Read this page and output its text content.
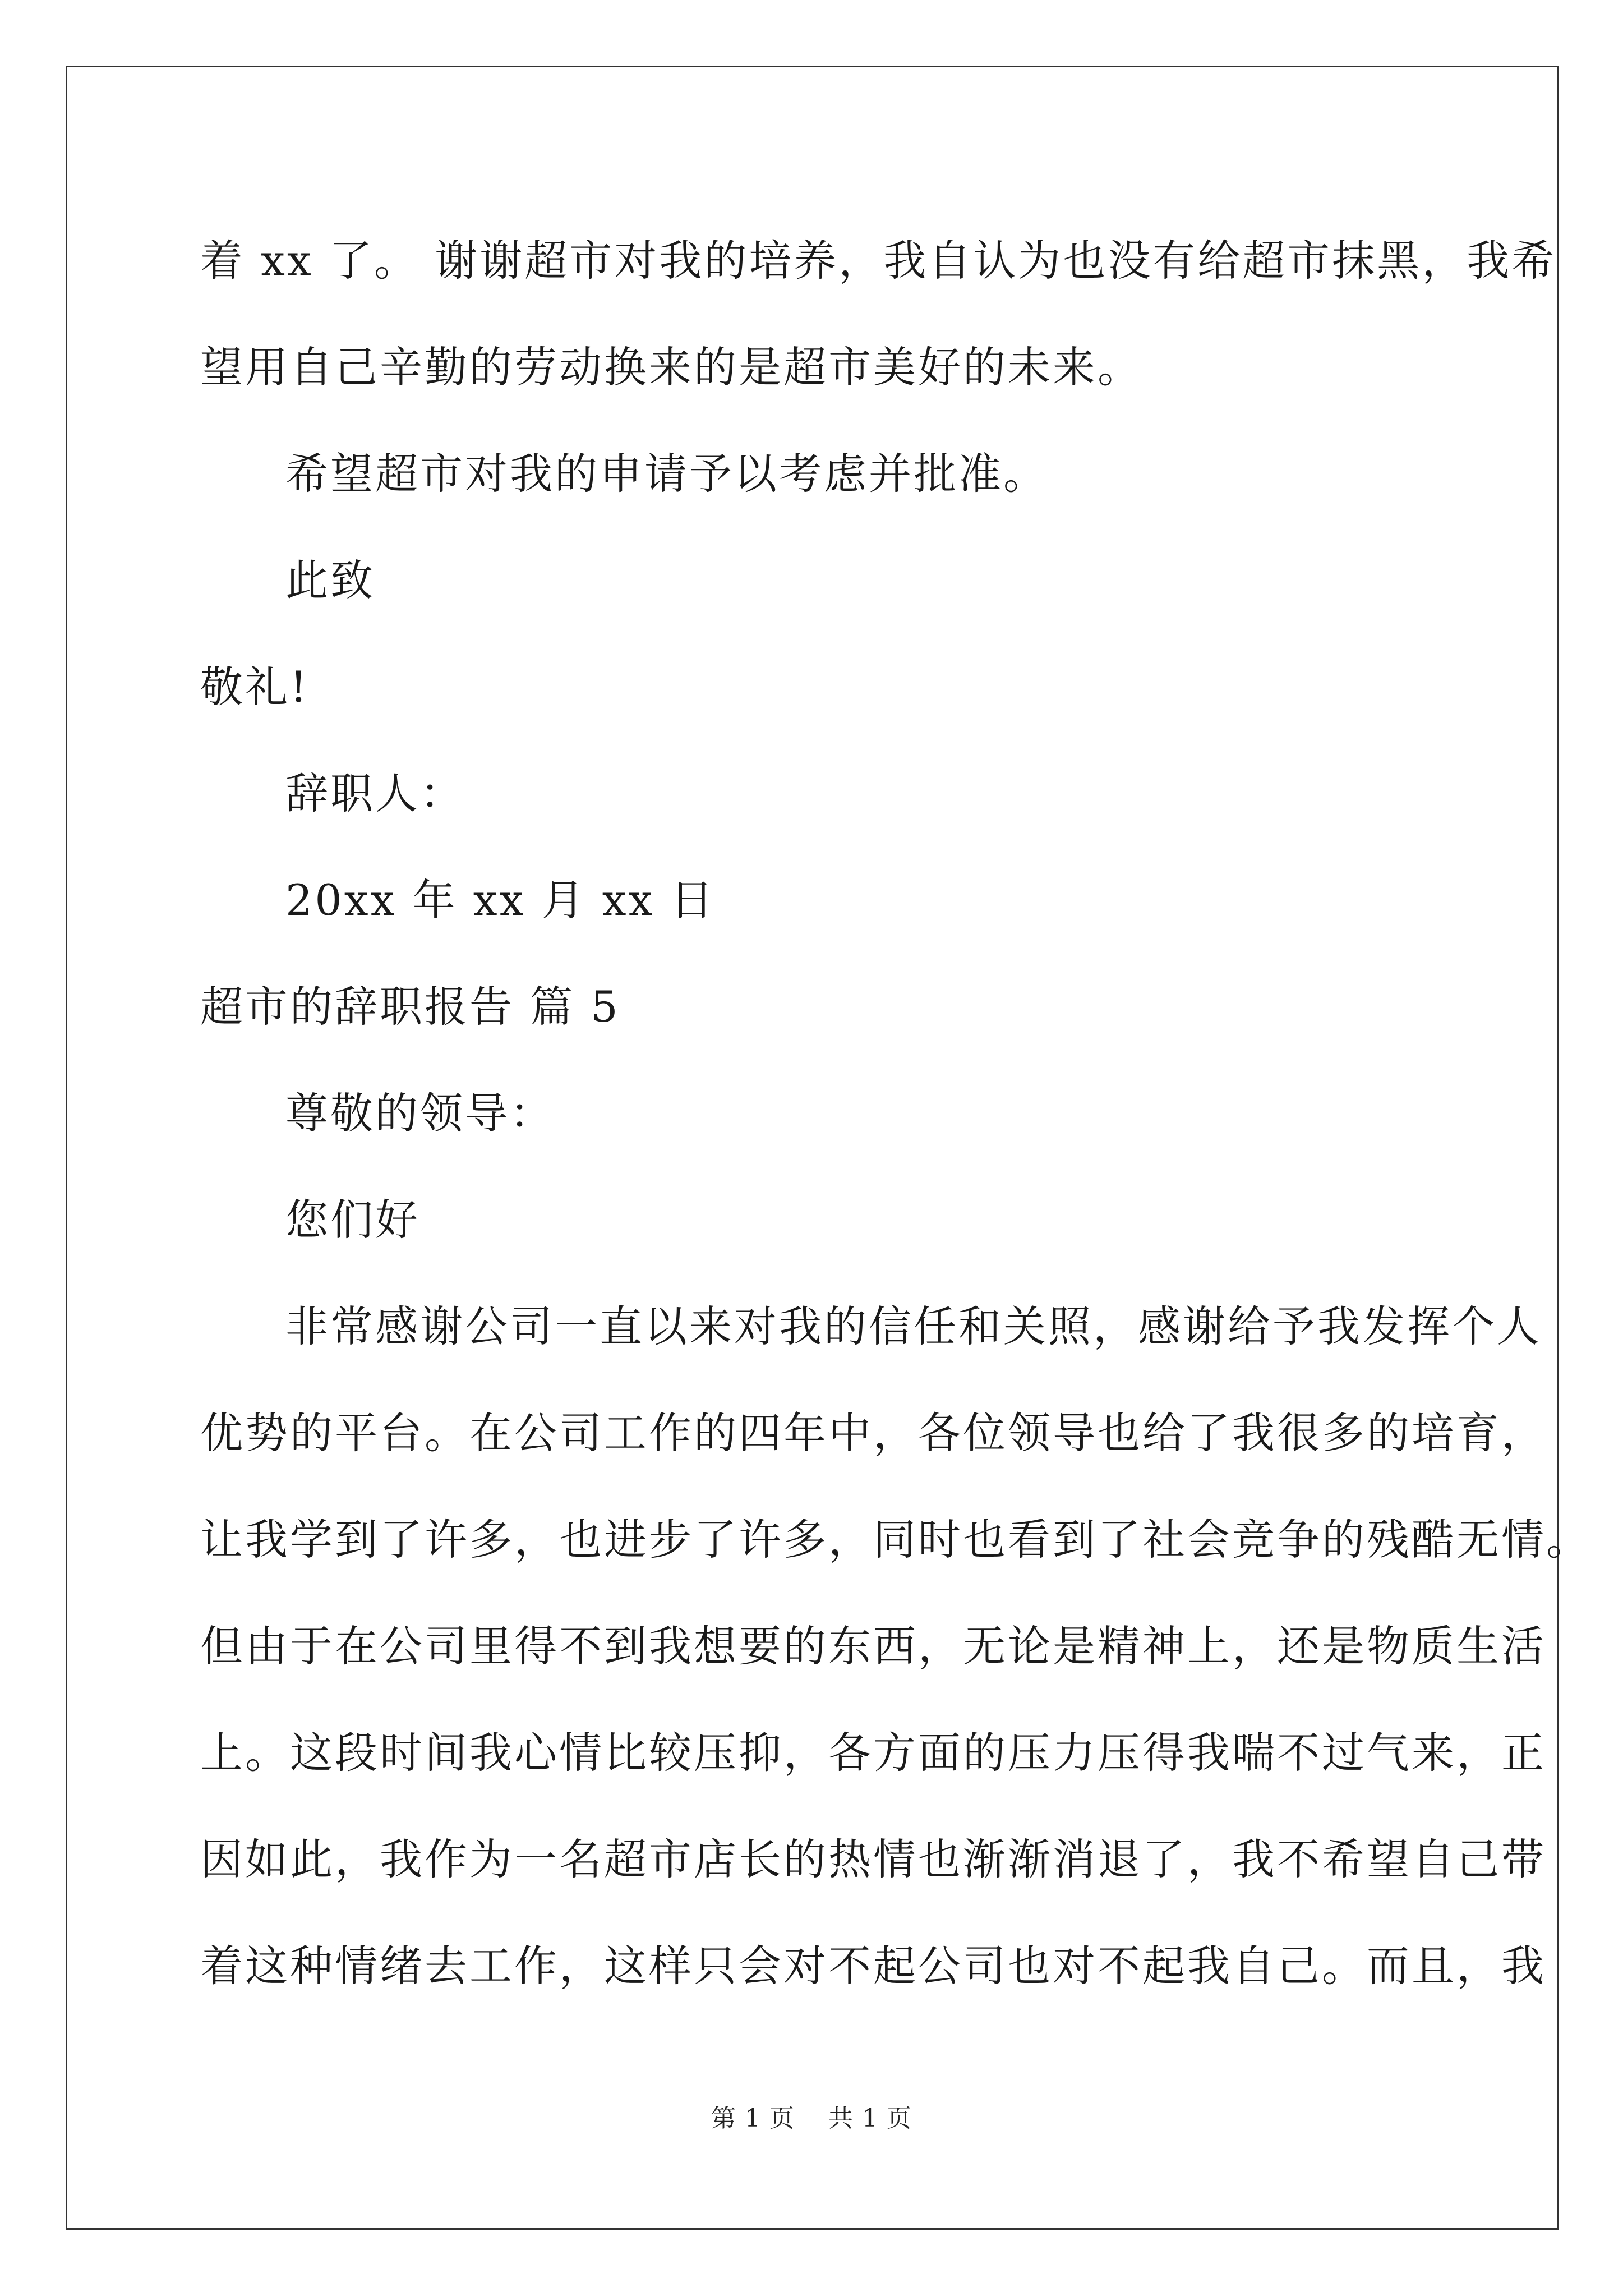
着 xx 了。 谢谢超市对我的培养，我自认为也没有给超市抹黑，我希
望用自己辛勤的劳动换来的是超市美好的未来。
希望超市对我的申请予以考虑并批准。
此致
敬礼!
辞职人：
20xx 年 xx 月 xx 日
超市的辞职报告 篇 5
尊敬的领导：
您们好
非常感谢公司一直以来对我的信任和关照，感谢给予我发挥个人
优势的平台。在公司工作的四年中，各位领导也给了我很多的培育，
让我学到了许多，也进步了许多，同时也看到了社会竞争的残酷无情。
但由于在公司里得不到我想要的东西，无论是精神上，还是物质生活
上。这段时间我心情比较压抑，各方面的压力压得我喘不过气来，正
因如此，我作为一名超市店长的热情也渐渐消退了，我不希望自己带
着这种情绪去工作，这样只会对不起公司也对不起我自己。而且，我
第 1 页    共 1 页
